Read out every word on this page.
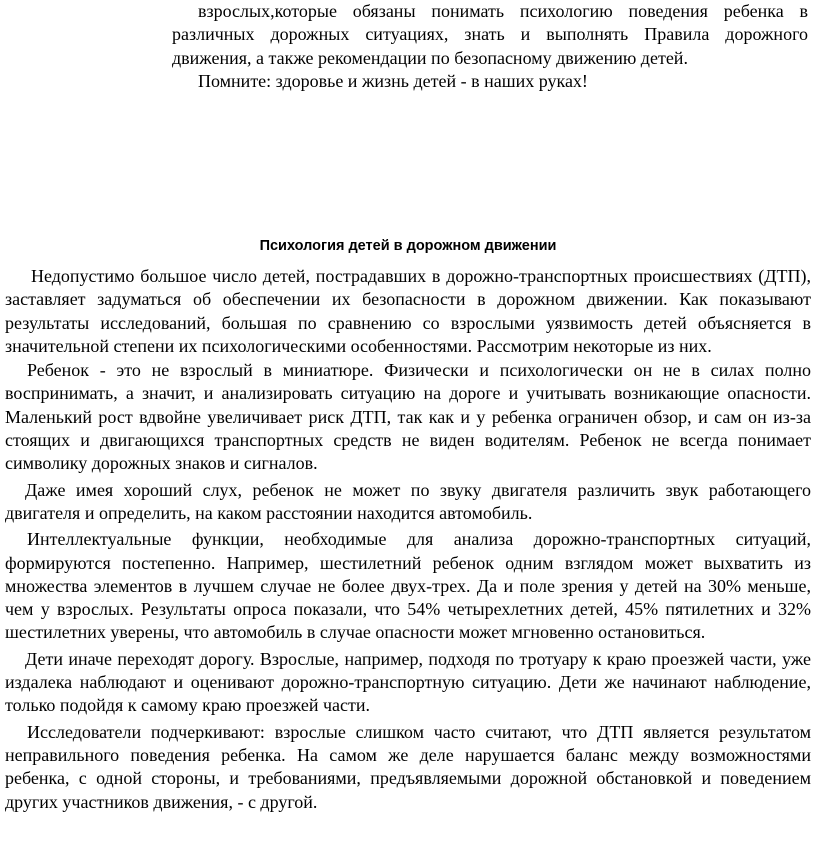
взрослых,которые обязаны понимать психологию поведения ребенка в различных дорожных ситуациях, знать и выполнять Правила дорожного движения, а также рекомендации по безопасному движению детей.

Помните: здоровье и жизнь детей - в наших руках!

Психология детей в дорожном движении

Недопустимо большое число детей, пострадавших в дорожно-транспортных происшествиях (ДТП), заставляет задуматься об обеспечении их безопасности в дорожном движении. Как показывают результаты исследований, большая по сравнению со взрослыми уязвимость детей объясняется в значительной степени их психологическими особенностями. Рассмотрим некоторые из них.

Ребенок - это не взрослый в миниатюре. Физически и психологически он не в силах полно воспринимать, а значит, и анализировать ситуацию на дороге и учитывать возникающие опасности. Маленький рост вдвойне увеличивает риск ДТП, так как и у ребенка ограничен обзор, и сам он из-за стоящих и двигающихся транспортных средств не виден водителям. Ребенок не всегда понимает символику дорожных знаков и сигналов.

Даже имея хороший слух, ребенок не может по звуку двигателя различить звук работающего двигателя и определить, на каком расстоянии находится автомобиль.

Интеллектуальные функции, необходимые для анализа дорожно-транспортных ситуаций, формируются постепенно. Например, шестилетний ребенок одним взглядом может выхватить из множества элементов в лучшем случае не более двух-трех. Да и поле зрения у детей на 30% меньше, чем у взрослых. Результаты опроса показали, что 54% четырехлетних детей, 45% пятилетних и 32% шестилетних уверены, что автомобиль в случае опасности может мгновенно остановиться.

Дети иначе переходят дорогу. Взрослые, например, подходя по тротуару к краю проезжей части, уже издалека наблюдают и оценивают дорожно-транспортную ситуацию. Дети же начинают наблюдение, только подойдя к самому краю проезжей части.

Исследователи подчеркивают: взрослые слишком часто считают, что ДТП является результатом неправильного поведения ребенка. На самом же деле нарушается баланс между возможностями ребенка, с одной стороны, и требованиями, предъявляемыми дорожной обстановкой и поведением других участников движения, - с другой.
